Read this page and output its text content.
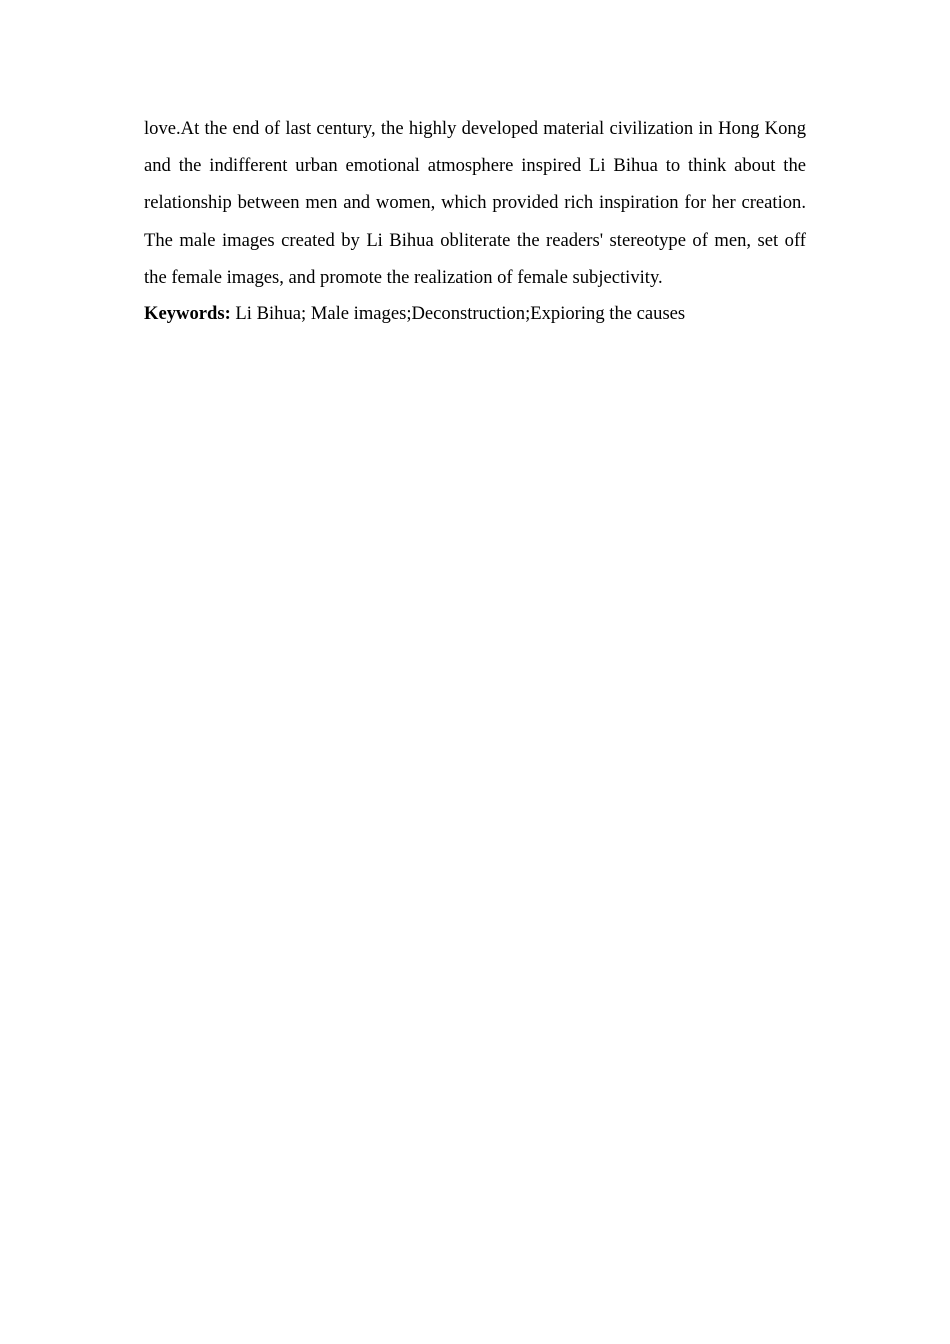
love.At the end of last century, the highly developed material civilization in Hong Kong and the indifferent urban emotional atmosphere inspired Li Bihua to think about the relationship between men and women, which provided rich inspiration for her creation. The male images created by Li Bihua obliterate the readers' stereotype of men, set off the female images, and promote the realization of female subjectivity.

Keywords: Li Bihua; Male images;Deconstruction;Expioring the causes
